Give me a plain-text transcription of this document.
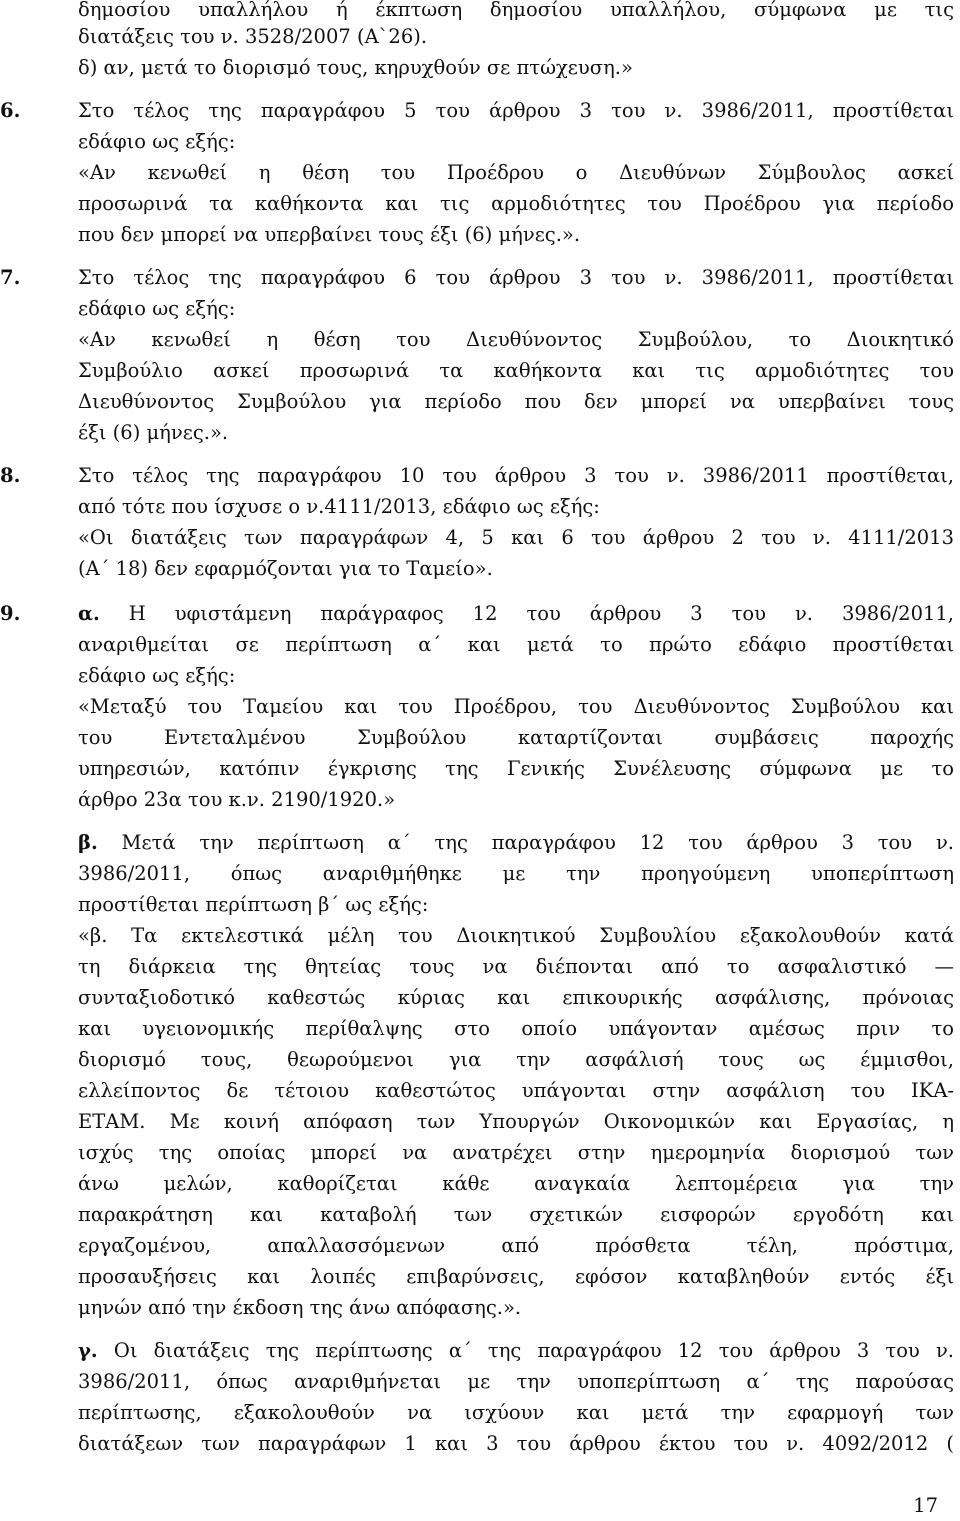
δημοσίου υπαλλήλου ή έκπτωση δημοσίου υπαλλήλου, σύμφωνα με τις
διατάξεις του ν. 3528/2007 (Α`26).
δ) αν, μετά το διορισμό τους, κηρυχθούν σε πτώχευση.»
6.	Στο τέλος της παραγράφου 5 του άρθρου 3 του ν. 3986/2011, προστίθεται
εδάφιο ως εξής:
«Αν κενωθεί η θέση του Προέδρου ο Διευθύνων Σύμβουλος ασκεί
προσωρινά τα καθήκοντα και τις αρμοδιότητες του Προέδρου για περίοδο
που δεν μπορεί να υπερβαίνει τους έξι (6) μήνες.».
7.	Στο τέλος της παραγράφου 6 του άρθρου 3 του ν. 3986/2011, προστίθεται
εδάφιο ως εξής:
«Αν κενωθεί η θέση του Διευθύνοντος Συμβούλου, το Διοικητικό
Συμβούλιο ασκεί προσωρινά τα καθήκοντα και τις αρμοδιότητες του
Διευθύνοντος Συμβούλου για περίοδο που δεν μπορεί να υπερβαίνει τους
έξι (6) μήνες.».
8.	Στο τέλος της παραγράφου 10 του άρθρου 3 του ν. 3986/2011 προστίθεται,
από τότε που ίσχυσε ο ν.4111/2013, εδάφιο ως εξής:
«Οι διατάξεις των παραγράφων 4, 5 και 6 του άρθρου 2 του ν. 4111/2013
(Α΄ 18) δεν εφαρμόζονται για το Ταμείο».
9.	α. Η υφιστάμενη παράγραφος 12 του άρθρου 3 του ν. 3986/2011,
αναριθμείται σε περίπτωση α΄ και μετά το πρώτο εδάφιο προστίθεται
εδάφιο ως εξής:
«Μεταξύ του Ταμείου και του Προέδρου, του Διευθύνοντος Συμβούλου και
του Εντεταλμένου Συμβούλου καταρτίζονται συμβάσεις παροχής
υπηρεσιών, κατόπιν έγκρισης της Γενικής Συνέλευσης σύμφωνα με το
άρθρο 23α του κ.ν. 2190/1920.»
β. Μετά την περίπτωση α΄ της παραγράφου 12 του άρθρου 3 του ν.
3986/2011, όπως αναριθμήθηκε με την προηγούμενη υποπερίπτωση
προστίθεται περίπτωση β΄ ως εξής:
«β. Τα εκτελεστικά μέλη του Διοικητικού Συμβουλίου εξακολουθούν κατά
τη διάρκεια της θητείας τους να διέπονται από το ασφαλιστικό —
συνταξιοδοτικό καθεστώς κύριας και επικουρικής ασφάλισης, πρόνοιας
και υγειονομικής περίθαλψης στο οποίο υπάγονταν αμέσως πριν το
διορισμό τους, θεωρούμενοι για την ασφάλισή τους ως έμμισθοι,
ελλείποντος δε τέτοιου καθεστώτος υπάγονται στην ασφάλιση του ΙΚΑ-
ΕΤΑΜ. Με κοινή απόφαση των Υπουργών Οικονομικών και Εργασίας, η
ισχύς της οποίας μπορεί να ανατρέχει στην ημερομηνία διορισμού των
άνω μελών, καθορίζεται κάθε αναγκαία λεπτομέρεια για την
παρακράτηση και καταβολή των σχετικών εισφορών εργοδότη και
εργαζομένου, απαλλασσόμενων από πρόσθετα τέλη, πρόστιμα,
προσαυξήσεις και λοιπές επιβαρύνσεις, εφόσον καταβληθούν εντός έξι
μηνών από την έκδοση της άνω απόφασης.».
γ. Οι διατάξεις της περίπτωσης α΄ της παραγράφου 12 του άρθρου 3 του ν.
3986/2011, όπως αναριθμήνεται με την υποπερίπτωση α΄ της παρούσας
περίπτωσης, εξακολουθούν να ισχύουν και μετά την εφαρμογή των
διατάξεων των παραγράφων 1 και 3 του άρθρου έκτου του ν. 4092/2012 (
17
